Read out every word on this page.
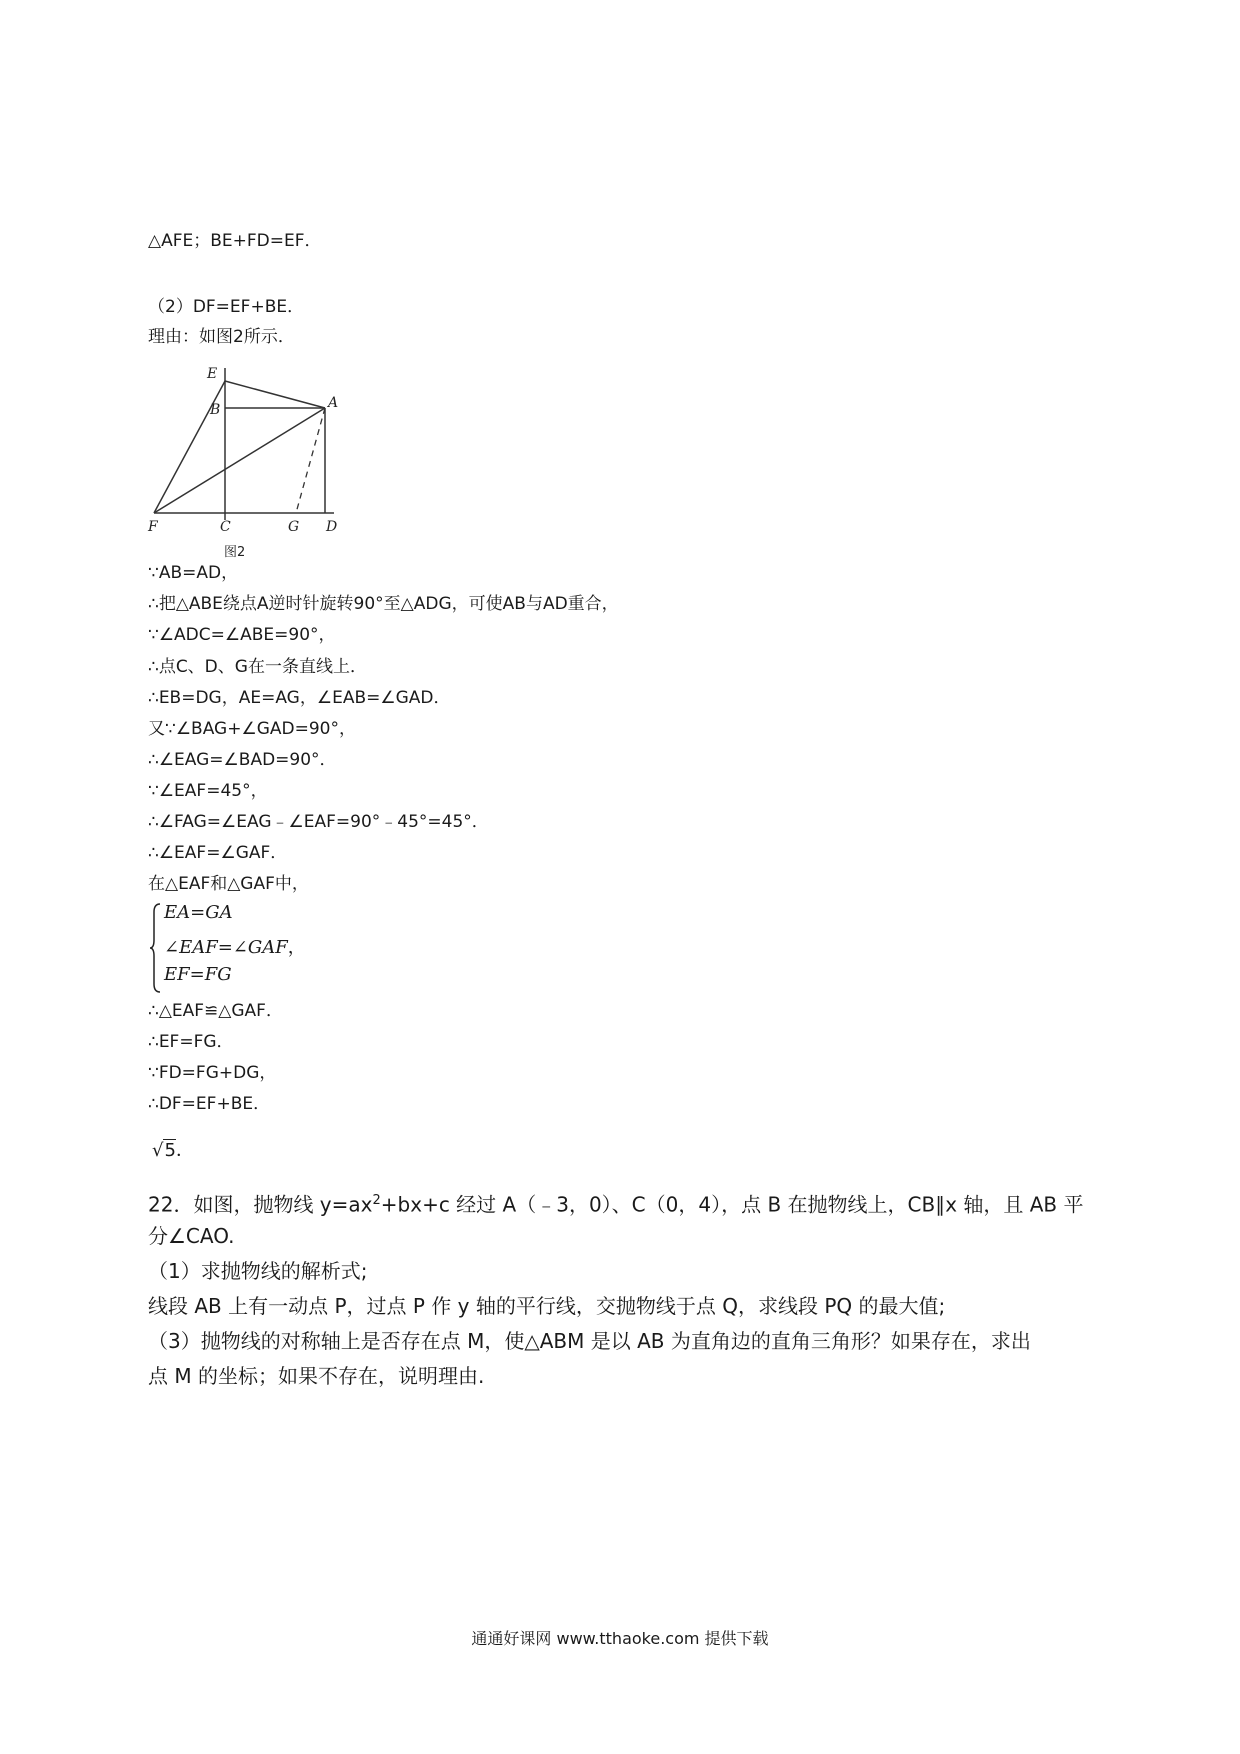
△AFE；BE+FD=EF．
（2）DF=EF+BE．
理由：如图2所示．
E
B	A
F	C	G D
图2
∵AB=AD，
∴把△ABE绕点A逆时针旋转90°至△ADG，可使AB与AD重合，
∵∠ADC=∠ABE=90°，
∴点C、D、G在一条直线上．
∴EB=DG，AE=AG，∠EAB=∠GAD．
又∵∠BAG+∠GAD=90°，
∴∠EAG=∠BAD=90°．
∵∠EAF=45°，
∴∠FAG=∠EAG﹣∠EAF=90°﹣45°=45°．
∴∠EAF=∠GAF．
在△EAF和△GAF中，
EA=GA
∠EAF=∠GAF，
EF=FG
∴△EAF≌△GAF．
∴EF=FG．
∵FD=FG+DG，
∴DF=EF+BE．
√5．
22．如图，抛物线 $y=ax^2+bx+c$ 经过 A（﹣3，0）、C（0，4），点 B 在抛物线上，CB∥x 轴，且 AB 平
分∠CAO.
（1）求抛物线的解析式;
线段 AB 上有一动点 P，过点 P 作 y 轴的平行线，交抛物线于点 Q，求线段 PQ 的最大值;
（3）抛物线的对称轴上是否存在点 M，使△ABM 是以 AB 为直角边的直角三角形？如果存在，求出
点 M 的坐标；如果不存在，说明理由.
通通好课网 www.tthaoke.com 提供下载
